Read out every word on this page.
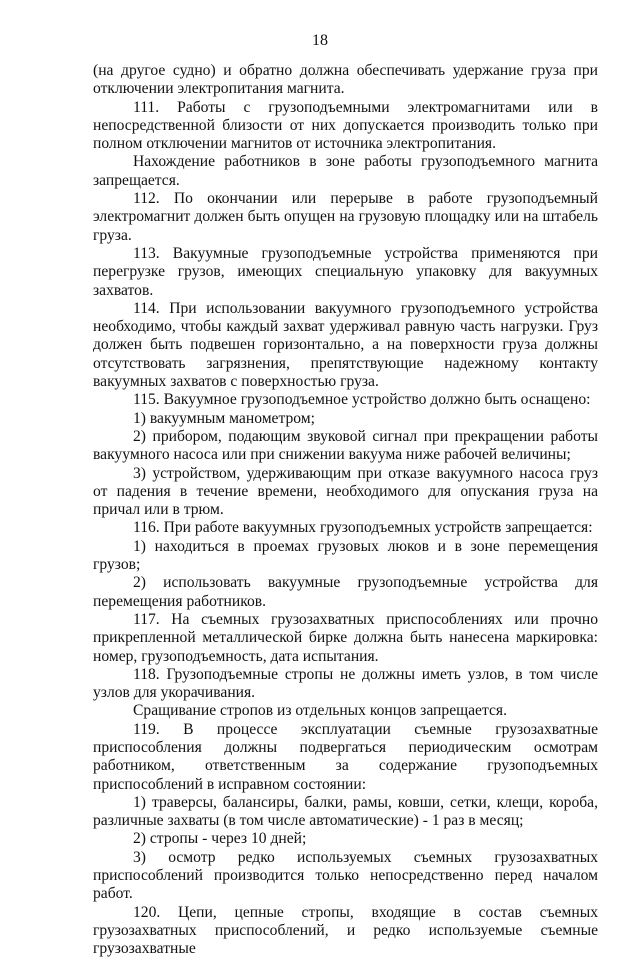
18

(на другое судно) и обратно должна обеспечивать удержание груза при отключении электропитания магнита.

111. Работы с грузоподъемными электромагнитами или в непосредственной близости от них допускается производить только при полном отключении магнитов от источника электропитания.

Нахождение работников в зоне работы грузоподъемного магнита запрещается.

112. По окончании или перерыве в работе грузоподъемный электромагнит должен быть опущен на грузовую площадку или на штабель груза.

113. Вакуумные грузоподъемные устройства применяются при перегрузке грузов, имеющих специальную упаковку для вакуумных захватов.

114. При использовании вакуумного грузоподъемного устройства необходимо, чтобы каждый захват удерживал равную часть нагрузки. Груз должен быть подвешен горизонтально, а на поверхности груза должны отсутствовать загрязнения, препятствующие надежному контакту вакуумных захватов с поверхностью груза.

115. Вакуумное грузоподъемное устройство должно быть оснащено:

1) вакуумным манометром;

2) прибором, подающим звуковой сигнал при прекращении работы вакуумного насоса или при снижении вакуума ниже рабочей величины;

3) устройством, удерживающим при отказе вакуумного насоса груз от падения в течение времени, необходимого для опускания груза на причал или в трюм.

116. При работе вакуумных грузоподъемных устройств запрещается:

1) находиться в проемах грузовых люков и в зоне перемещения грузов;

2) использовать вакуумные грузоподъемные устройства для перемещения работников.

117. На съемных грузозахватных приспособлениях или прочно прикрепленной металлической бирке должна быть нанесена маркировка: номер, грузоподъемность, дата испытания.

118. Грузоподъемные стропы не должны иметь узлов, в том числе узлов для укорачивания.

Сращивание стропов из отдельных концов запрещается.

119. В процессе эксплуатации съемные грузозахватные приспособления должны подвергаться периодическим осмотрам работником, ответственным за содержание грузоподъемных приспособлений в исправном состоянии:

1) траверсы, балансиры, балки, рамы, ковши, сетки, клещи, короба, различные захваты (в том числе автоматические) - 1 раз в месяц;

2) стропы - через 10 дней;

3) осмотр редко используемых съемных грузозахватных приспособлений производится только непосредственно перед началом работ.

120. Цепи, цепные стропы, входящие в состав съемных грузозахватных приспособлений, и редко используемые съемные грузозахватные
